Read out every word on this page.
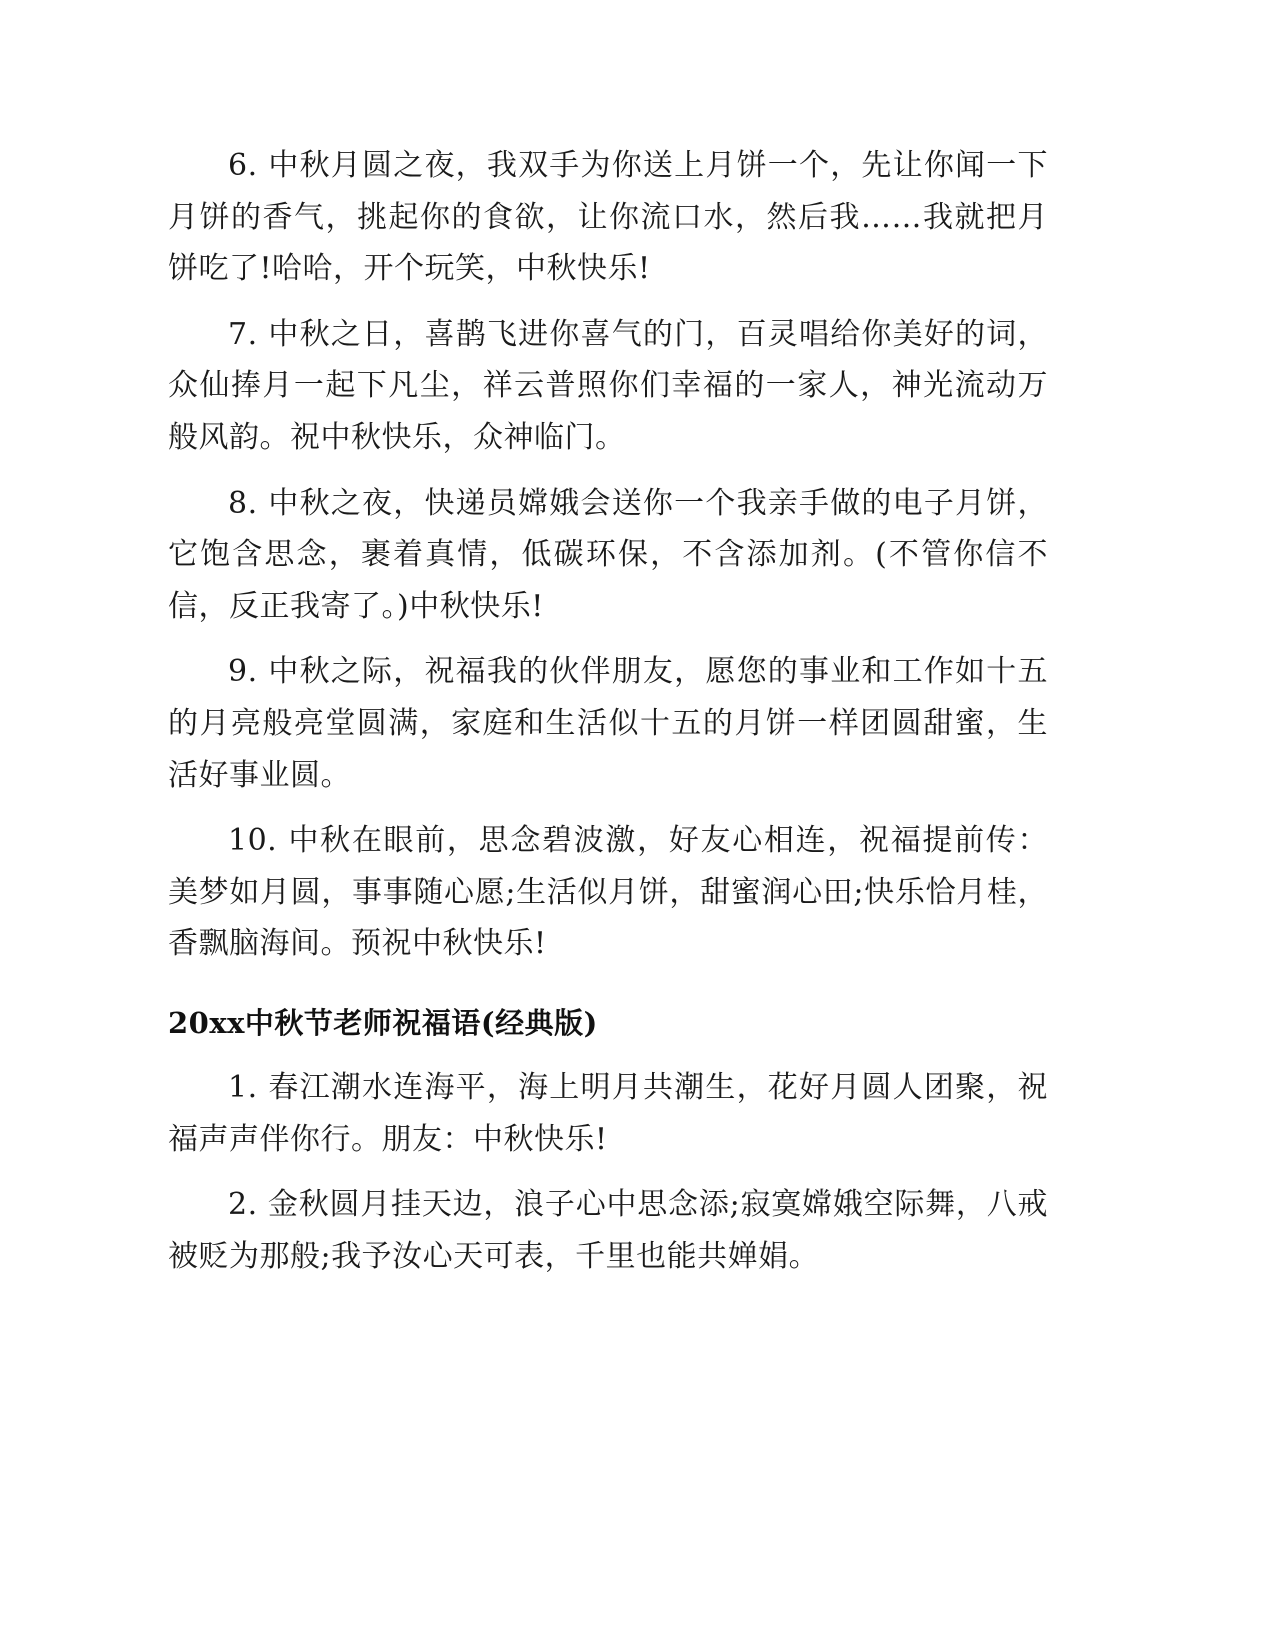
6. 中秋月圆之夜，我双手为你送上月饼一个，先让你闻一下月饼的香气，挑起你的食欲，让你流口水，然后我……我就把月饼吃了!哈哈，开个玩笑，中秋快乐!

7. 中秋之日，喜鹊飞进你喜气的门，百灵唱给你美好的词，众仙捧月一起下凡尘，祥云普照你们幸福的一家人，神光流动万般风韵。祝中秋快乐，众神临门。

8. 中秋之夜，快递员嫦娥会送你一个我亲手做的电子月饼，它饱含思念，裹着真情，低碳环保，不含添加剂。(不管你信不信，反正我寄了。)中秋快乐!

9. 中秋之际，祝福我的伙伴朋友，愿您的事业和工作如十五的月亮般亮堂圆满，家庭和生活似十五的月饼一样团圆甜蜜，生活好事业圆。

10. 中秋在眼前，思念碧波激，好友心相连，祝福提前传：美梦如月圆，事事随心愿;生活似月饼，甜蜜润心田;快乐恰月桂，香飘脑海间。预祝中秋快乐!

20xx中秋节老师祝福语(经典版)

1. 春江潮水连海平，海上明月共潮生，花好月圆人团聚，祝福声声伴你行。朋友：中秋快乐!

2. 金秋圆月挂天边，浪子心中思念添;寂寞嫦娥空际舞，八戒被贬为那般;我予汝心天可表，千里也能共婵娟。
